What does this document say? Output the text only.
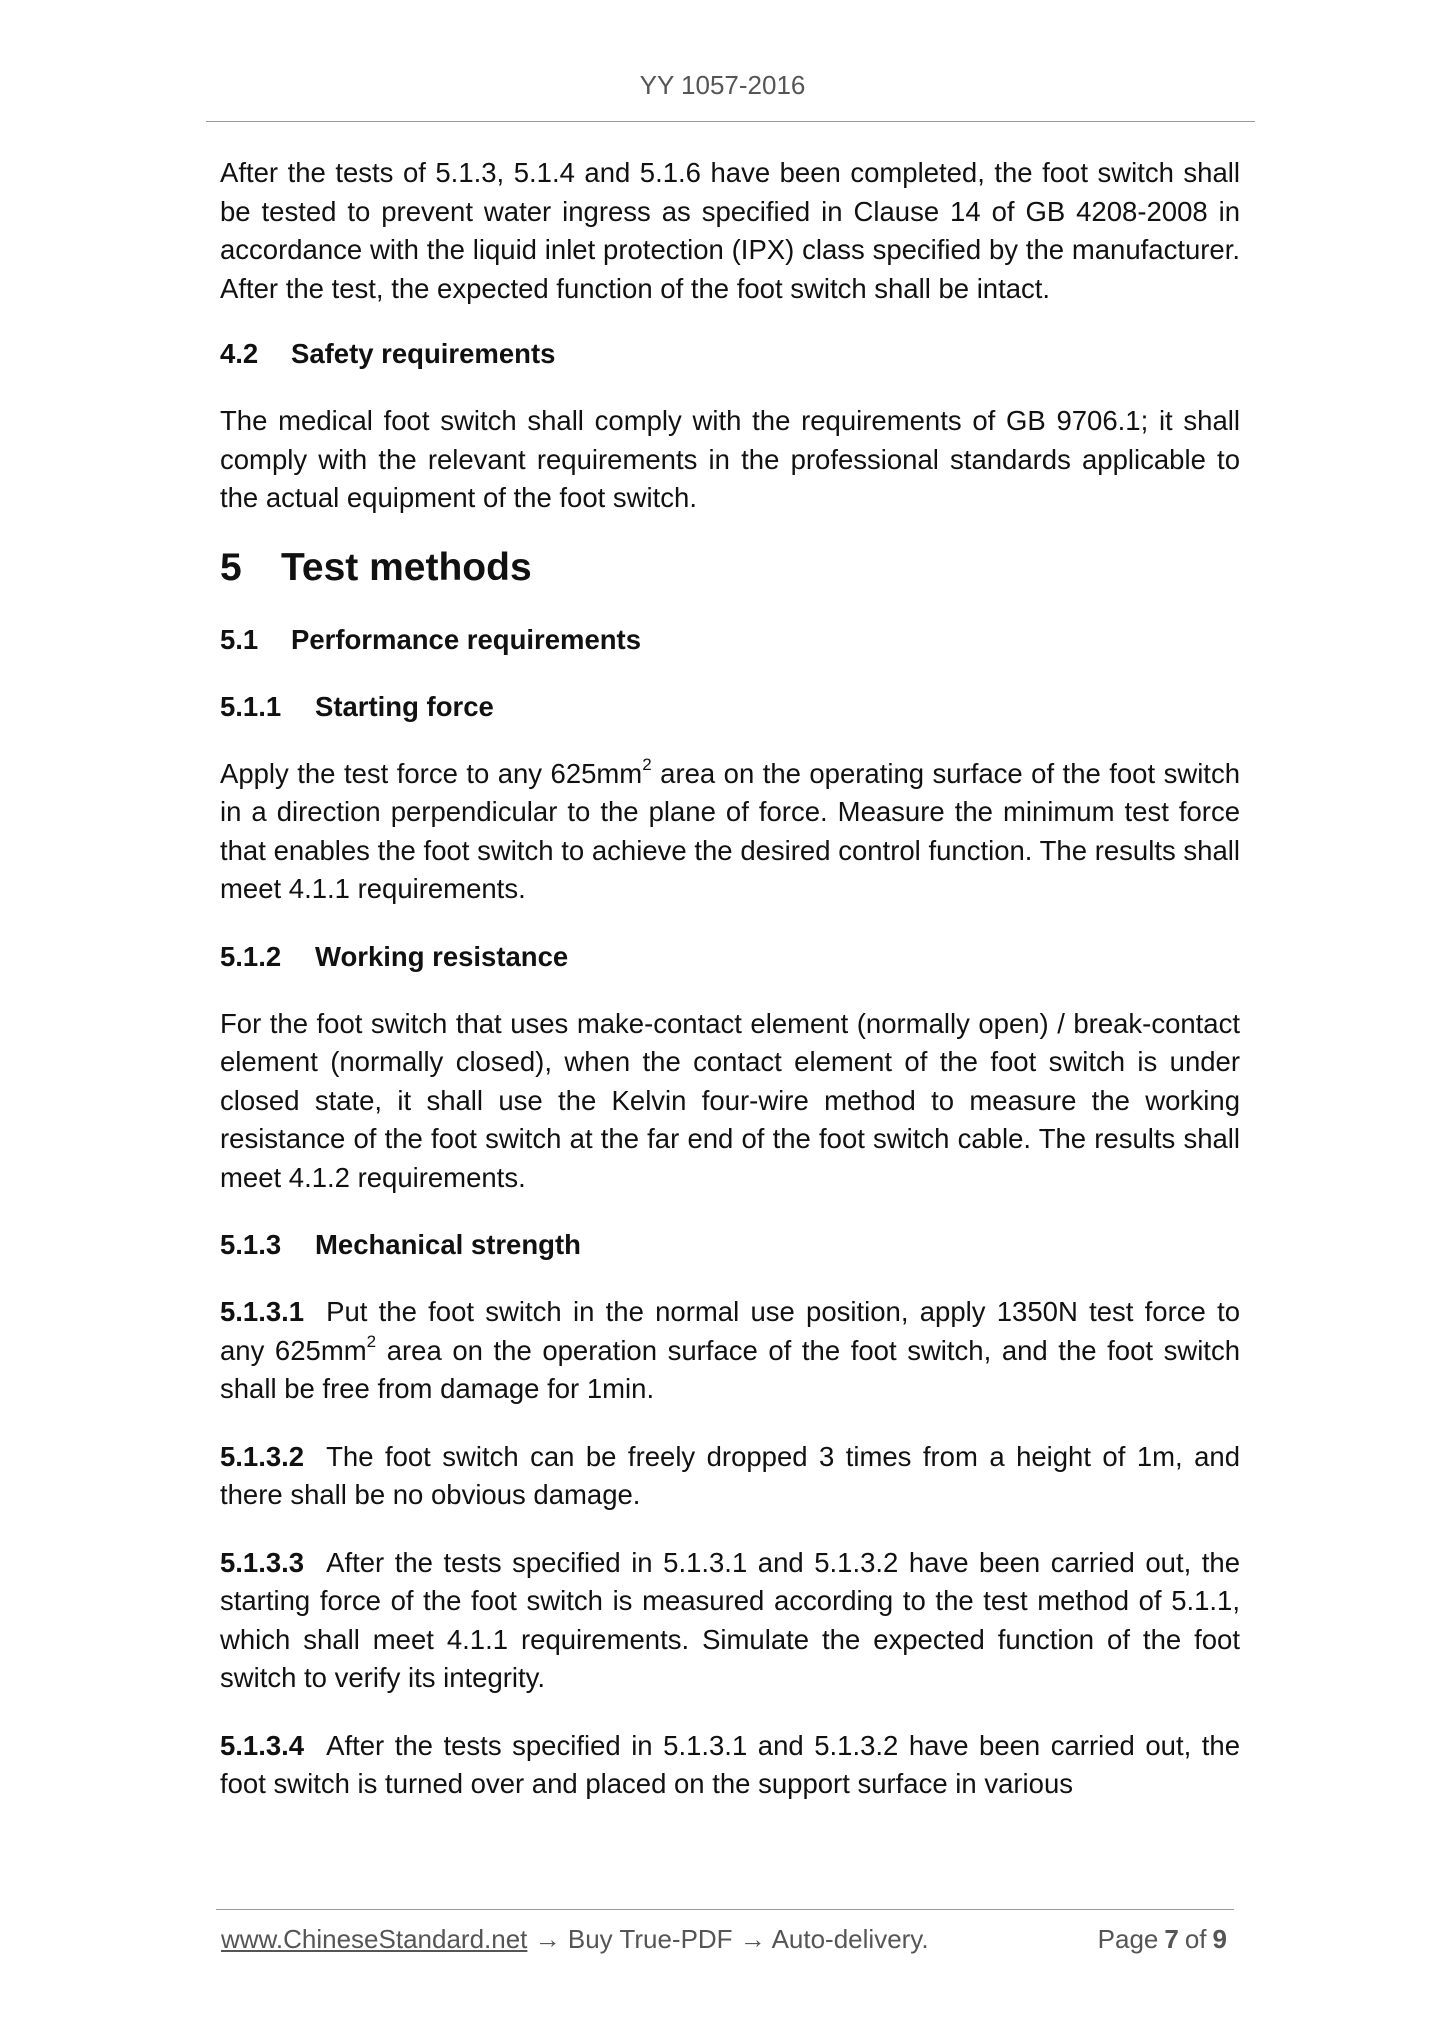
YY 1057-2016

After the tests of 5.1.3, 5.1.4 and 5.1.6 have been completed, the foot switch shall be tested to prevent water ingress as specified in Clause 14 of GB 4208-2008 in accordance with the liquid inlet protection (IPX) class specified by the manufacturer. After the test, the expected function of the foot switch shall be intact.

4.2 Safety requirements

The medical foot switch shall comply with the requirements of GB 9706.1; it shall comply with the relevant requirements in the professional standards applicable to the actual equipment of the foot switch.

5 Test methods

5.1 Performance requirements

5.1.1 Starting force

Apply the test force to any $625mm^2$ area on the operating surface of the foot switch in a direction perpendicular to the plane of force. Measure the minimum test force that enables the foot switch to achieve the desired control function. The results shall meet 4.1.1 requirements.

5.1.2 Working resistance

For the foot switch that uses make-contact element (normally open) / break-contact element (normally closed), when the contact element of the foot switch is under closed state, it shall use the Kelvin four-wire method to measure the working resistance of the foot switch at the far end of the foot switch cable. The results shall meet 4.1.2 requirements.

5.1.3 Mechanical strength

5.1.3.1 Put the foot switch in the normal use position, apply 1350N test force to any $625mm^2$ area on the operation surface of the foot switch, and the foot switch shall be free from damage for 1min.

5.1.3.2 The foot switch can be freely dropped 3 times from a height of 1m, and there shall be no obvious damage.

5.1.3.3 After the tests specified in 5.1.3.1 and 5.1.3.2 have been carried out, the starting force of the foot switch is measured according to the test method of 5.1.1, which shall meet 4.1.1 requirements. Simulate the expected function of the foot switch to verify its integrity.

5.1.3.4 After the tests specified in 5.1.3.1 and 5.1.3.2 have been carried out, the foot switch is turned over and placed on the support surface in various

www.ChineseStandard.net → Buy True-PDF → Auto-delivery.	Page 7 of 9
